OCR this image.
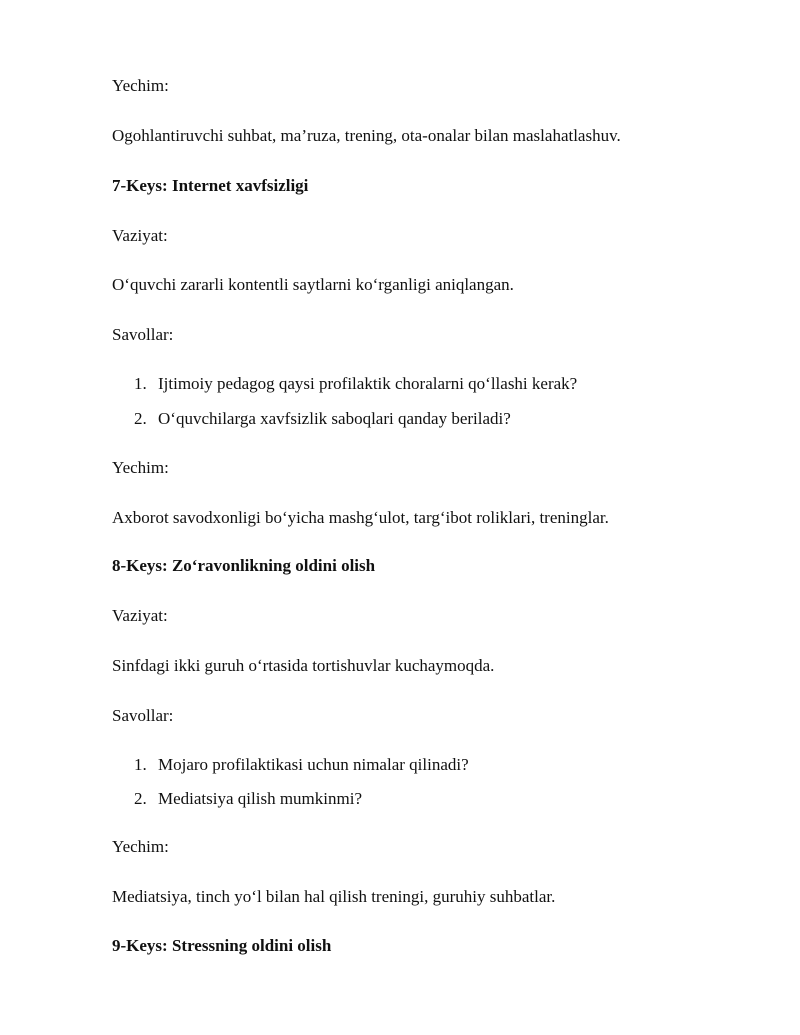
Yechim:
Ogohlantiruvchi suhbat, ma’ruza, trening, ota-onalar bilan maslahatlashuv.
7-Keys: Internet xavfsizligi
Vaziyat:
O‘quvchi zararli kontentli saytlarni ko‘rganligi aniqlangan.
Savollar:
1. Ijtimoiy pedagog qaysi profilaktik choralarni qo‘llashi kerak?
2. O‘quvchilarga xavfsizlik saboqlari qanday beriladi?
Yechim:
Axborot savodxonligi bo‘yicha mashg‘ulot, targ‘ibot roliklari, treninglar.
8-Keys: Zo‘ravonlikning oldini olish
Vaziyat:
Sinfdagi ikki guruh o‘rtasida tortishuvlar kuchaymoqda.
Savollar:
1. Mojaro profilaktikasi uchun nimalar qilinadi?
2. Mediatsiya qilish mumkinmi?
Yechim:
Mediatsiya, tinch yo‘l bilan hal qilish treningi, guruhiy suhbatlar.
9-Keys: Stressning oldini olish
